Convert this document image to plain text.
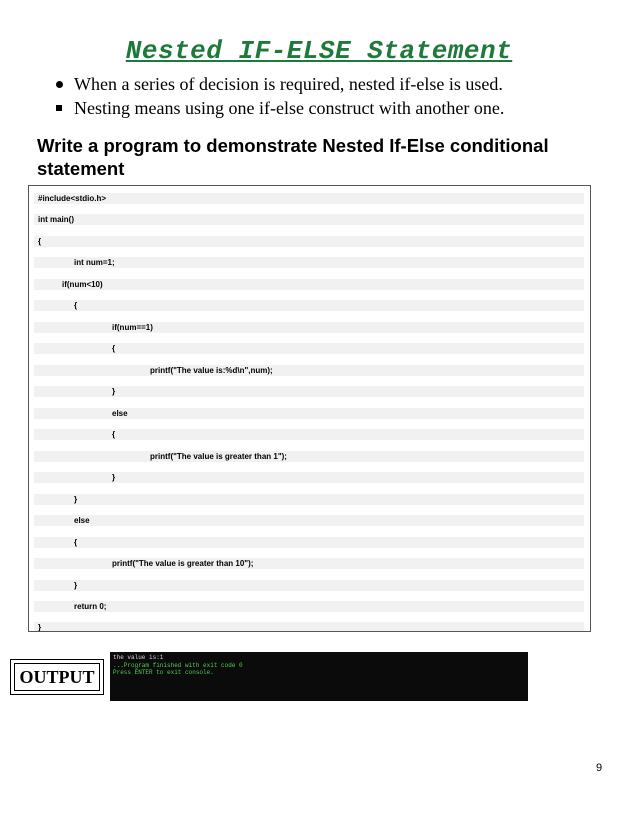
Nested IF-ELSE Statement
When a series of decision is required, nested if-else is used.
Nesting means using one if-else construct with another one.
Write a program to demonstrate Nested If-Else conditional statement
#include<stdio.h>
int main()
{
int num=1;
if(num<10)
{
if(num==1)
{
printf("The value is:%d\n",num);
}
else
{
printf("The value is greater than 1");
}
}
else
{
printf("The value is greater than 10");
}
return 0;
}
OUTPUT
the value is:1
...Program finished with exit code 0
Press ENTER to exit console.
9
